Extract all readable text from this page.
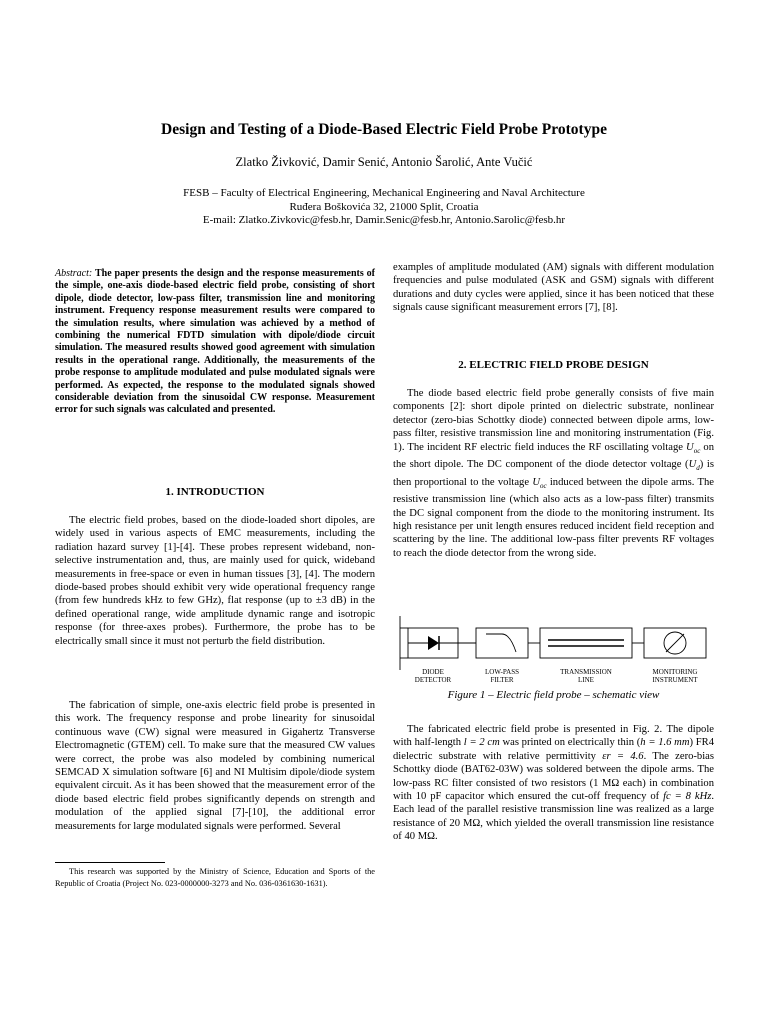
Design and Testing of a Diode-Based Electric Field Probe Prototype
Zlatko Živković, Damir Senić, Antonio Šarolić, Ante Vučić
FESB – Faculty of Electrical Engineering, Mechanical Engineering and Naval Architecture
Ruđera Boškovića 32, 21000 Split, Croatia
E-mail: Zlatko.Zivkovic@fesb.hr, Damir.Senic@fesb.hr, Antonio.Sarolic@fesb.hr

Abstract: The paper presents the design and the response measurements of the simple, one-axis diode-based electric field probe, consisting of short dipole, diode detector, low-pass filter, transmission line and monitoring instrument. Frequency response measurement results were compared to the simulation results, where simulation was achieved by a method of combining the numerical FDTD simulation with dipole/diode circuit simulation. The measured results showed good agreement with simulation results in the operational range. Additionally, the measurements of the probe response to amplitude modulated and pulse modulated signals were performed. As expected, the response to the modulated signals showed considerable deviation from the sinusoidal CW response. Measurement error for such signals was calculated and presented.

1. INTRODUCTION

The electric field probes, based on the diode-loaded short dipoles, are widely used in various aspects of EMC measurements, including the radiation hazard survey [1]-[4]. These probes represent wideband, non-selective instrumentation and, thus, are mainly used for quick, wideband measurements in free-space or even in human tissues [3], [4]. The modern diode-based probes should exhibit very wide operational frequency range (from few hundreds kHz to few GHz), flat response (up to ±3 dB) in the defined operational range, wide amplitude dynamic range and isotropic response (for three-axes probes). Furthermore, the probe has to be electrically small since it must not perturb the field distribution.

The fabrication of simple, one-axis electric field probe is presented in this work. The frequency response and probe linearity for sinusoidal continuous wave (CW) signal were measured in Gigahertz Transverse Electromagnetic (GTEM) cell. To make sure that the measured CW values were correct, the probe was also modeled by combining numerical SEMCAD X simulation software [6] and NI Multisim dipole/diode system equivalent circuit. As it has been showed that the measurement error of the diode based electric field probes significantly depends on strength and modulation of the applied signal [7]-[10], the additional error measurements for large modulated signals were performed. Several

This research was supported by the Ministry of Science, Education and Sports of the Republic of Croatia (Project No. 023-0000000-3273 and No. 036-0361630-1631).

examples of amplitude modulated (AM) signals with different modulation frequencies and pulse modulated (ASK and GSM) signals with different durations and duty cycles were applied, since it has been noticed that these signals cause significant measurement errors [7], [8].

2. ELECTRIC FIELD PROBE DESIGN

The diode based electric field probe generally consists of five main components [2]: short dipole printed on dielectric substrate, nonlinear detector (zero-bias Schottky diode) connected between dipole arms, low-pass filter, resistive transmission line and monitoring instrumentation (Fig. 1). The incident RF electric field induces the RF oscillating voltage $U_{oc}$ on the short dipole. The DC component of the diode detector voltage $(U_d)$ is then proportional to the voltage $U_{oc}$ induced between the dipole arms. The resistive transmission line (which also acts as a low-pass filter) transmits the DC signal component from the diode to the monitoring instrument. Its high resistance per unit length ensures reduced incident field reception and scattering by the line. The additional low-pass filter prevents RF voltages to reach the diode detector from the wrong side.

DIODE
DETECTOR
LOW-PASS
FILTER
TRANSMISSION
LINE
MONITORING
INSTRUMENT
Figure 1 – Electric field probe – schematic view

The fabricated electric field probe is presented in Fig. 2. The dipole with half-length l = 2 cm was printed on electrically thin (h = 1.6 mm) FR4 dielectric substrate with relative permittivity εr = 4.6. The zero-bias Schottky diode (BAT62-03W) was soldered between the dipole arms. The low-pass RC filter consisted of two resistors (1 MΩ each) in combination with 10 pF capacitor which ensured the cut-off frequency of fc = 8 kHz. Each lead of the parallel resistive transmission line was realized as a large resistance of 20 MΩ, which yielded the overall transmission line resistance of 40 MΩ.
